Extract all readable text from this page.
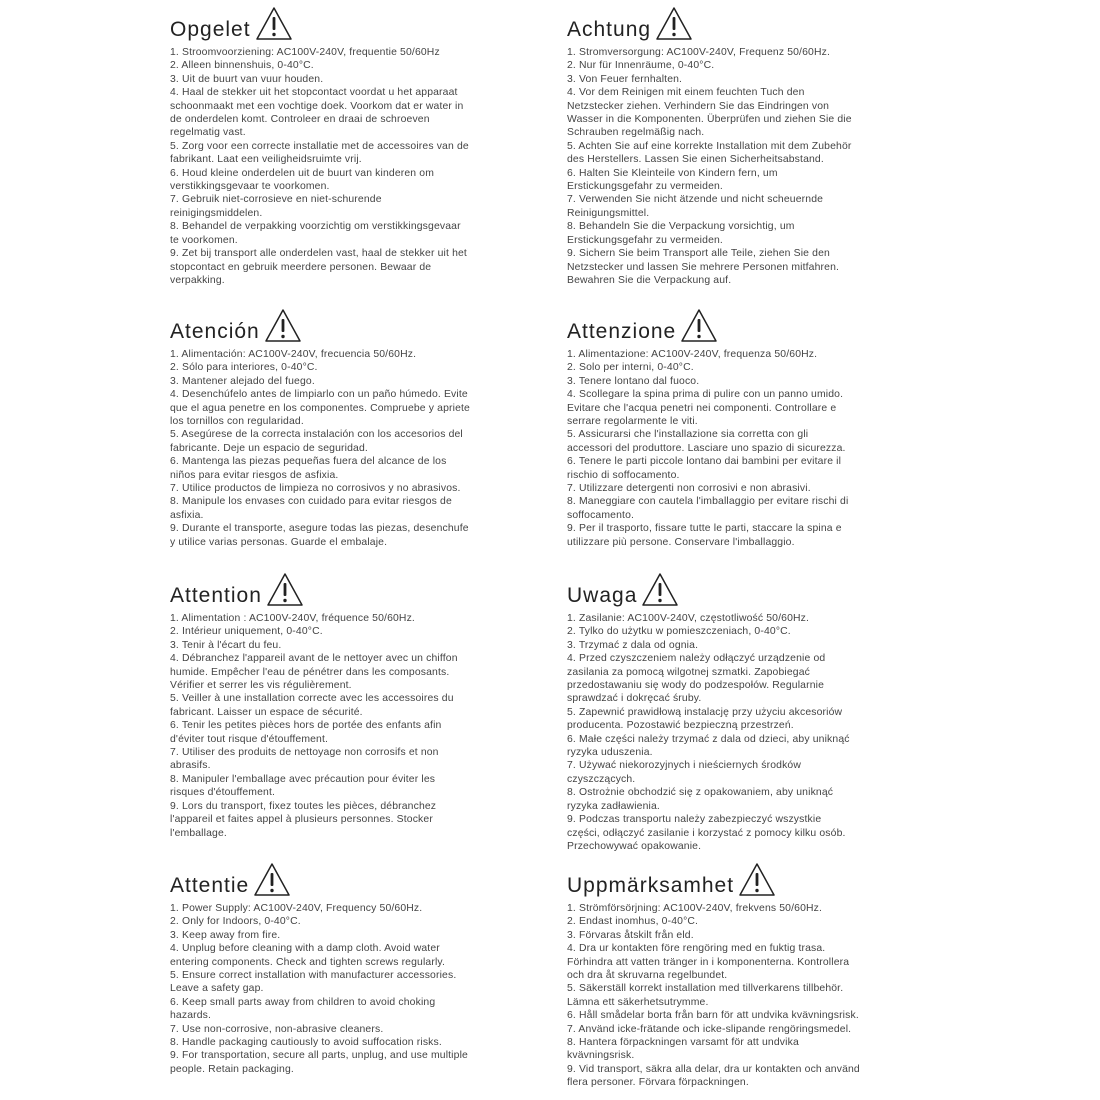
Opgelet
1. Stroomvoorziening: AC100V-240V, frequentie 50/60Hz
2. Alleen binnenshuis, 0-40°C.
3. Uit de buurt van vuur houden.
4. Haal de stekker uit het stopcontact voordat u het apparaat
schoonmaakt met een vochtige doek. Voorkom dat er water in
de onderdelen komt. Controleer en draai de schroeven
regelmatig vast.
5. Zorg voor een correcte installatie met de accessoires van de
fabrikant. Laat een veiligheidsruimte vrij.
6. Houd kleine onderdelen uit de buurt van kinderen om
verstikkingsgevaar te voorkomen.
7. Gebruik niet-corrosieve en niet-schurende
reinigingsmiddelen.
8. Behandel de verpakking voorzichtig om verstikkingsgevaar
te voorkomen.
9. Zet bij transport alle onderdelen vast, haal de stekker uit het
stopcontact en gebruik meerdere personen. Bewaar de
verpakking.
Achtung
1. Stromversorgung: AC100V-240V, Frequenz 50/60Hz.
2. Nur für Innenräume, 0-40°C.
3. Von Feuer fernhalten.
4. Vor dem Reinigen mit einem feuchten Tuch den
Netzstecker ziehen. Verhindern Sie das Eindringen von
Wasser in die Komponenten. Überprüfen und ziehen Sie die
Schrauben regelmäßig nach.
5. Achten Sie auf eine korrekte Installation mit dem Zubehör
des Herstellers. Lassen Sie einen Sicherheitsabstand.
6. Halten Sie Kleinteile von Kindern fern, um
Erstickungsgefahr zu vermeiden.
7. Verwenden Sie nicht ätzende und nicht scheuernde
Reinigungsmittel.
8. Behandeln Sie die Verpackung vorsichtig, um
Erstickungsgefahr zu vermeiden.
9. Sichern Sie beim Transport alle Teile, ziehen Sie den
Netzstecker und lassen Sie mehrere Personen mitfahren.
Bewahren Sie die Verpackung auf.
Atención
1. Alimentación: AC100V-240V, frecuencia 50/60Hz.
2. Sólo para interiores, 0-40°C.
3. Mantener alejado del fuego.
4. Desenchúfelo antes de limpiarlo con un paño húmedo. Evite
que el agua penetre en los componentes. Compruebe y apriete
los tornillos con regularidad.
5. Asegúrese de la correcta instalación con los accesorios del
fabricante. Deje un espacio de seguridad.
6. Mantenga las piezas pequeñas fuera del alcance de los
niños para evitar riesgos de asfixia.
7. Utilice productos de limpieza no corrosivos y no abrasivos.
8. Manipule los envases con cuidado para evitar riesgos de
asfixia.
9. Durante el transporte, asegure todas las piezas, desenchufe
y utilice varias personas. Guarde el embalaje.
Attenzione
1. Alimentazione: AC100V-240V, frequenza 50/60Hz.
2. Solo per interni, 0-40°C.
3. Tenere lontano dal fuoco.
4. Scollegare la spina prima di pulire con un panno umido.
Evitare che l'acqua penetri nei componenti. Controllare e
serrare regolarmente le viti.
5. Assicurarsi che l'installazione sia corretta con gli
accessori del produttore. Lasciare uno spazio di sicurezza.
6. Tenere le parti piccole lontano dai bambini per evitare il
rischio di soffocamento.
7. Utilizzare detergenti non corrosivi e non abrasivi.
8. Maneggiare con cautela l'imballaggio per evitare rischi di
soffocamento.
9. Per il trasporto, fissare tutte le parti, staccare la spina e
utilizzare più persone. Conservare l'imballaggio.
Attention
1. Alimentation : AC100V-240V, fréquence 50/60Hz.
2. Intérieur uniquement, 0-40°C.
3. Tenir à l'écart du feu.
4. Débranchez l'appareil avant de le nettoyer avec un chiffon
humide. Empêcher l'eau de pénétrer dans les composants.
Vérifier et serrer les vis régulièrement.
5. Veiller à une installation correcte avec les accessoires du
fabricant. Laisser un espace de sécurité.
6. Tenir les petites pièces hors de portée des enfants afin
d'éviter tout risque d'étouffement.
7. Utiliser des produits de nettoyage non corrosifs et non
abrasifs.
8. Manipuler l'emballage avec précaution pour éviter les
risques d'étouffement.
9. Lors du transport, fixez toutes les pièces, débranchez
l'appareil et faites appel à plusieurs personnes. Stocker
l'emballage.
Uwaga
1. Zasilanie: AC100V-240V, częstotliwość 50/60Hz.
2. Tylko do użytku w pomieszczeniach, 0-40°C.
3. Trzymać z dala od ognia.
4. Przed czyszczeniem należy odłączyć urządzenie od
zasilania za pomocą wilgotnej szmatki. Zapobiegać
przedostawaniu się wody do podzespołów. Regularnie
sprawdzać i dokręcać śruby.
5. Zapewnić prawidłową instalację przy użyciu akcesoriów
producenta. Pozostawić bezpieczną przestrzeń.
6. Małe części należy trzymać z dala od dzieci, aby uniknąć
ryzyka uduszenia.
7. Używać niekorozyjnych i nieściernych środków
czyszczących.
8. Ostrożnie obchodzić się z opakowaniem, aby uniknąć
ryzyka zadławienia.
9. Podczas transportu należy zabezpieczyć wszystkie
części, odłączyć zasilanie i korzystać z pomocy kilku osób.
Przechowywać opakowanie.
Attentie
1. Power Supply: AC100V-240V, Frequency 50/60Hz.
2. Only for Indoors, 0-40°C.
3. Keep away from fire.
4. Unplug before cleaning with a damp cloth. Avoid water
entering components. Check and tighten screws regularly.
5. Ensure correct installation with manufacturer accessories.
Leave a safety gap.
6. Keep small parts away from children to avoid choking
hazards.
7. Use non-corrosive, non-abrasive cleaners.
8. Handle packaging cautiously to avoid suffocation risks.
9. For transportation, secure all parts, unplug, and use multiple
people. Retain packaging.
Uppmärksamhet
1. Strömförsörjning: AC100V-240V, frekvens 50/60Hz.
2. Endast inomhus, 0-40°C.
3. Förvaras åtskilt från eld.
4. Dra ur kontakten före rengöring med en fuktig trasa.
Förhindra att vatten tränger in i komponenterna. Kontrollera
och dra åt skruvarna regelbundet.
5. Säkerställ korrekt installation med tillverkarens tillbehör.
Lämna ett säkerhetsutrymme.
6. Håll smådelar borta från barn för att undvika kvävningsrisk.
7. Använd icke-frätande och icke-slipande rengöringsmedel.
8. Hantera förpackningen varsamt för att undvika
kvävningsrisk.
9. Vid transport, säkra alla delar, dra ur kontakten och använd
flera personer. Förvara förpackningen.
